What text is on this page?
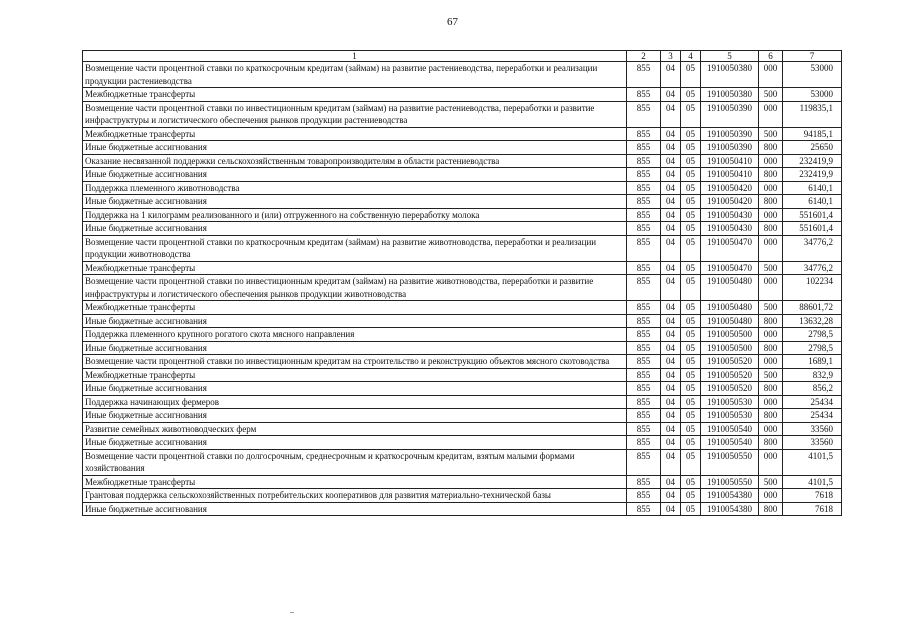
67
1	2	3	4	5	6	7
Возмещение части процентной ставки по краткосрочным кредитам (займам) на развитие растениеводства, переработки и реализации продукции растениеводства	855	04	05	1910050380	000	53000
Межбюджетные трансферты	855	04	05	1910050380	500	53000
Возмещение части процентной ставки по инвестиционным кредитам (займам) на развитие растениеводства, переработки и развитие инфраструктуры и логистического обеспечения рынков продукции растениеводства	855	04	05	1910050390	000	119835,1
Межбюджетные трансферты	855	04	05	1910050390	500	94185,1
Иные бюджетные ассигнования	855	04	05	1910050390	800	25650
Оказание несвязанной поддержки сельскохозяйственным товаропроизводителям в области растениеводства	855	04	05	1910050410	000	232419,9
Иные бюджетные ассигнования	855	04	05	1910050410	800	232419,9
Поддержка племенного животноводства	855	04	05	1910050420	000	6140,1
Иные бюджетные ассигнования	855	04	05	1910050420	800	6140,1
Поддержка на 1 килограмм реализованного и (или) отгруженного на собственную переработку молока	855	04	05	1910050430	000	551601,4
Иные бюджетные ассигнования	855	04	05	1910050430	800	551601,4
Возмещение части процентной ставки по краткосрочным кредитам (займам) на развитие животноводства, переработки и реализации продукции животноводства	855	04	05	1910050470	000	34776,2
Межбюджетные трансферты	855	04	05	1910050470	500	34776,2
Возмещение части процентной ставки по инвестиционным кредитам (займам) на развитие животноводства, переработки и развитие инфраструктуры и логистического обеспечения рынков продукции животноводства	855	04	05	1910050480	000	102234
Межбюджетные трансферты	855	04	05	1910050480	500	88601,72
Иные бюджетные ассигнования	855	04	05	1910050480	800	13632,28
Поддержка племенного крупного рогатого скота мясного направления	855	04	05	1910050500	000	2798,5
Иные бюджетные ассигнования	855	04	05	1910050500	800	2798,5
Возмещение части процентной ставки по инвестиционным кредитам на строительство и реконструкцию объектов мясного скотоводства	855	04	05	1910050520	000	1689,1
Межбюджетные трансферты	855	04	05	1910050520	500	832,9
Иные бюджетные ассигнования	855	04	05	1910050520	800	856,2
Поддержка начинающих фермеров	855	04	05	1910050530	000	25434
Иные бюджетные ассигнования	855	04	05	1910050530	800	25434
Развитие семейных животноводческих ферм	855	04	05	1910050540	000	33560
Иные бюджетные ассигнования	855	04	05	1910050540	800	33560
Возмещение части процентной ставки по долгосрочным, среднесрочным и краткосрочным кредитам, взятым малыми формами хозяйствования	855	04	05	1910050550	000	4101,5
Межбюджетные трансферты	855	04	05	1910050550	500	4101,5
Грантовая поддержка сельскохозяйственных потребительских кооперативов для развития материально-технической базы	855	04	05	1910054380	000	7618
Иные бюджетные ассигнования	855	04	05	1910054380	800	7618
